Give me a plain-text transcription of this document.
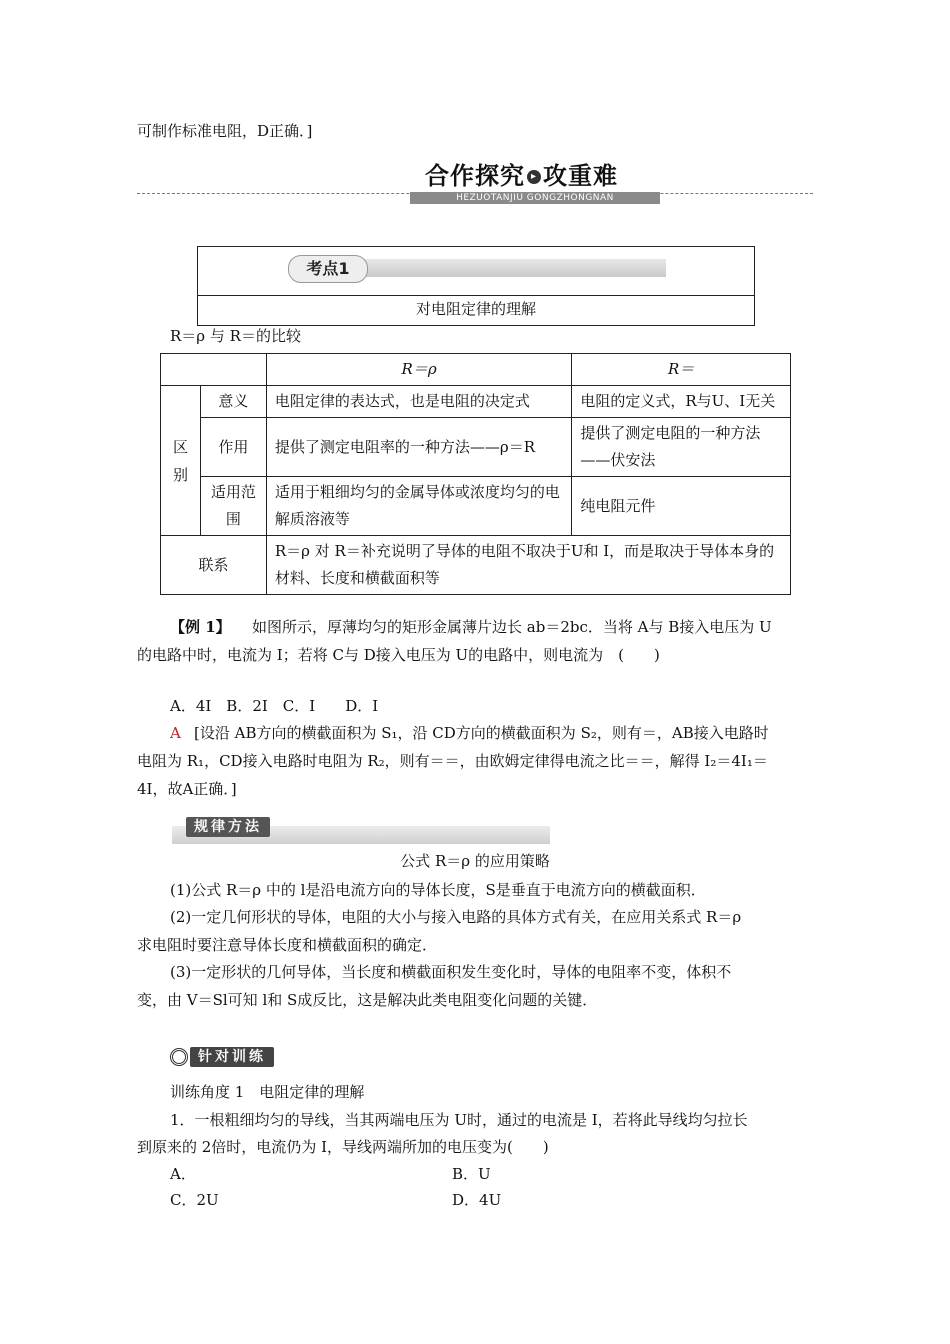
可制作标准电阻，D正确．]
合作探究 ▸ 攻重难
HEZUOTANJIU GONGZHONGNAN
考点1
对电阻定律的理解
R＝ρ 与 R＝的比较
		R＝ρ	R＝
区
别	意义	电阻定律的表达式，也是电阻的决定式	电阻的定义式，R与U、I无关
	作用	提供了测定电阻率的一种方法——ρ＝R	提供了测定电阻的一种方法——伏安法
	适用范围	适用于粗细均匀的金属导体或浓度均匀的电解质溶液等	纯电阻元件
联系		R＝ρ 对 R＝补充说明了导体的电阻不取决于U和 I，而是取决于导体本身的材料、长度和横截面积等	
【例 1】 如图所示，厚薄均匀的矩形金属薄片边长 ab＝2bc．当将 A与 B接入电压为 U
的电路中时，电流为 I；若将 C与 D接入电压为 U的电路中，则电流为　(　　)
A．4I　B．2I　C．I　　D．I
A [设沿 AB方向的横截面积为 S₁，沿 CD方向的横截面积为 S₂，则有＝，AB接入电路时
电阻为 R₁，CD接入电路时电阻为 R₂，则有＝＝，由欧姆定律得电流之比＝＝，解得 I₂＝4I₁＝
4I，故A正确．]
规律方法
公式 R＝ρ 的应用策略
(1)公式 R＝ρ 中的 l是沿电流方向的导体长度，S是垂直于电流方向的横截面积．
(2)一定几何形状的导体，电阻的大小与接入电路的具体方式有关，在应用关系式 R＝ρ
求电阻时要注意导体长度和横截面积的确定．
(3)一定形状的几何导体，当长度和横截面积发生变化时，导体的电阻率不变，体积不
变，由 V＝Sl可知 l和 S成反比，这是解决此类电阻变化问题的关键．
针对训练
训练角度 1　电阻定律的理解
1．一根粗细均匀的导线，当其两端电压为 U时，通过的电流是 I，若将此导线均匀拉长
到原来的 2倍时，电流仍为 I，导线两端所加的电压变为(　　)
A．	B．U
C．2U	D．4U
